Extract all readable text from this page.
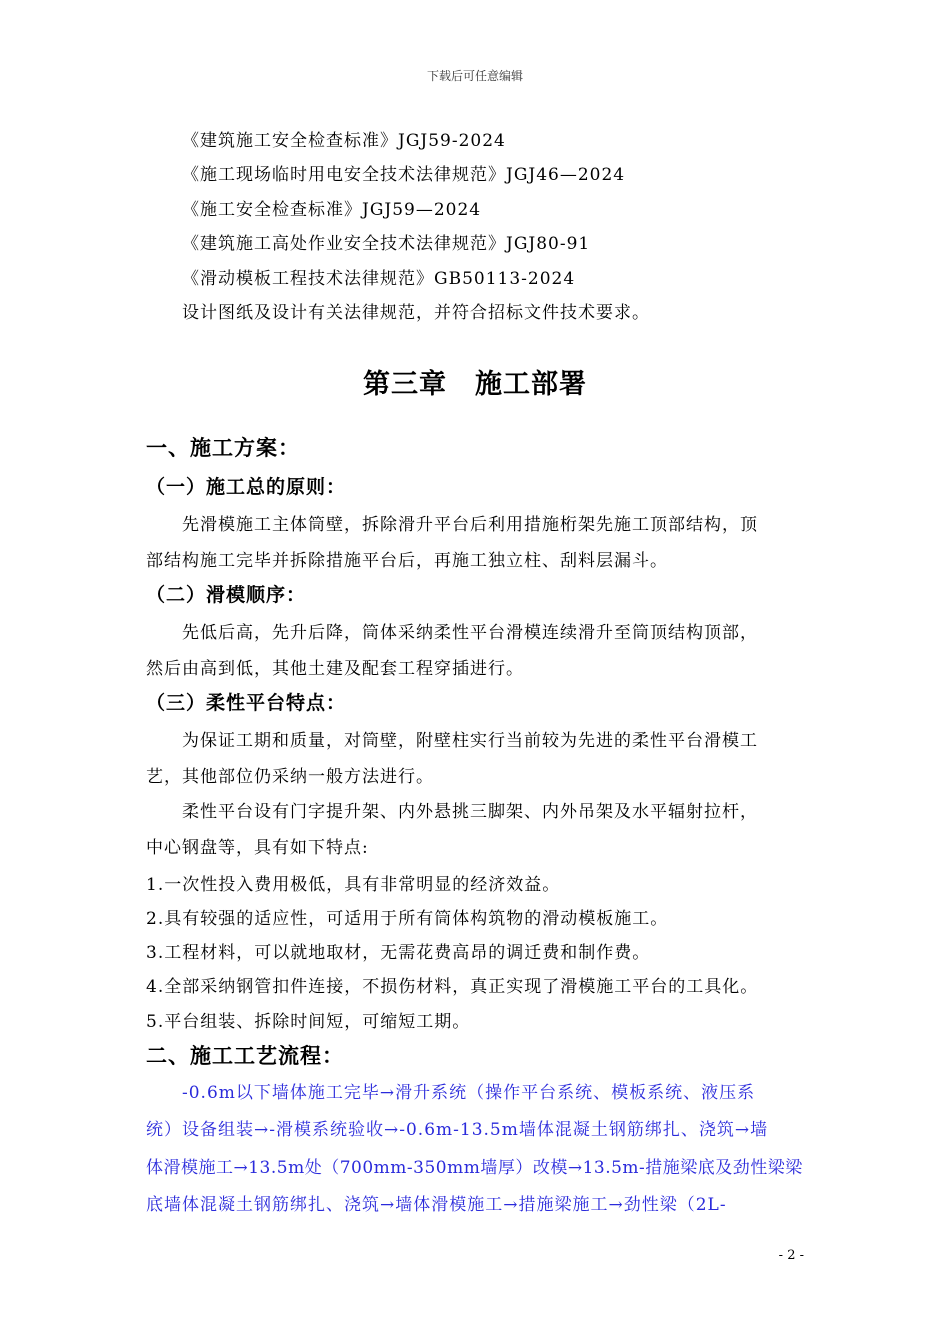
下载后可任意编辑
《建筑施工安全检查标准》JGJ59-2024
《施工现场临时用电安全技术法律规范》JGJ46—2024
《施工安全检查标准》JGJ59—2024
《建筑施工高处作业安全技术法律规范》JGJ80-91
《滑动模板工程技术法律规范》GB50113-2024
设计图纸及设计有关法律规范，并符合招标文件技术要求。
第三章　施工部署
一、施工方案：
（一）施工总的原则：
先滑模施工主体筒壁，拆除滑升平台后利用措施桁架先施工顶部结构，顶
部结构施工完毕并拆除措施平台后，再施工独立柱、刮料层漏斗。
（二）滑模顺序：
先低后高，先升后降，筒体采纳柔性平台滑模连续滑升至筒顶结构顶部，
然后由高到低，其他土建及配套工程穿插进行。
（三）柔性平台特点：
为保证工期和质量，对筒壁，附壁柱实行当前较为先进的柔性平台滑模工
艺，其他部位仍采纳一般方法进行。
柔性平台设有门字提升架、内外悬挑三脚架、内外吊架及水平辐射拉杆，
中心钢盘等，具有如下特点:
1.一次性投入费用极低，具有非常明显的经济效益。
2.具有较强的适应性，可适用于所有筒体构筑物的滑动模板施工。
3.工程材料，可以就地取材，无需花费高昂的调迁费和制作费。
4.全部采纳钢管扣件连接，不损伤材料，真正实现了滑模施工平台的工具化。
5.平台组装、拆除时间短，可缩短工期。
二、施工工艺流程：
-0.6m以下墙体施工完毕→滑升系统（操作平台系统、模板系统、液压系
统）设备组装→-滑模系统验收→-0.6m-13.5m墙体混凝土钢筋绑扎、浇筑→墙
体滑模施工→13.5m处（700mm-350mm墙厚）改模→13.5m-措施梁底及劲性梁梁
底墙体混凝土钢筋绑扎、浇筑→墙体滑模施工→措施梁施工→劲性梁（2L-
- 2 -
